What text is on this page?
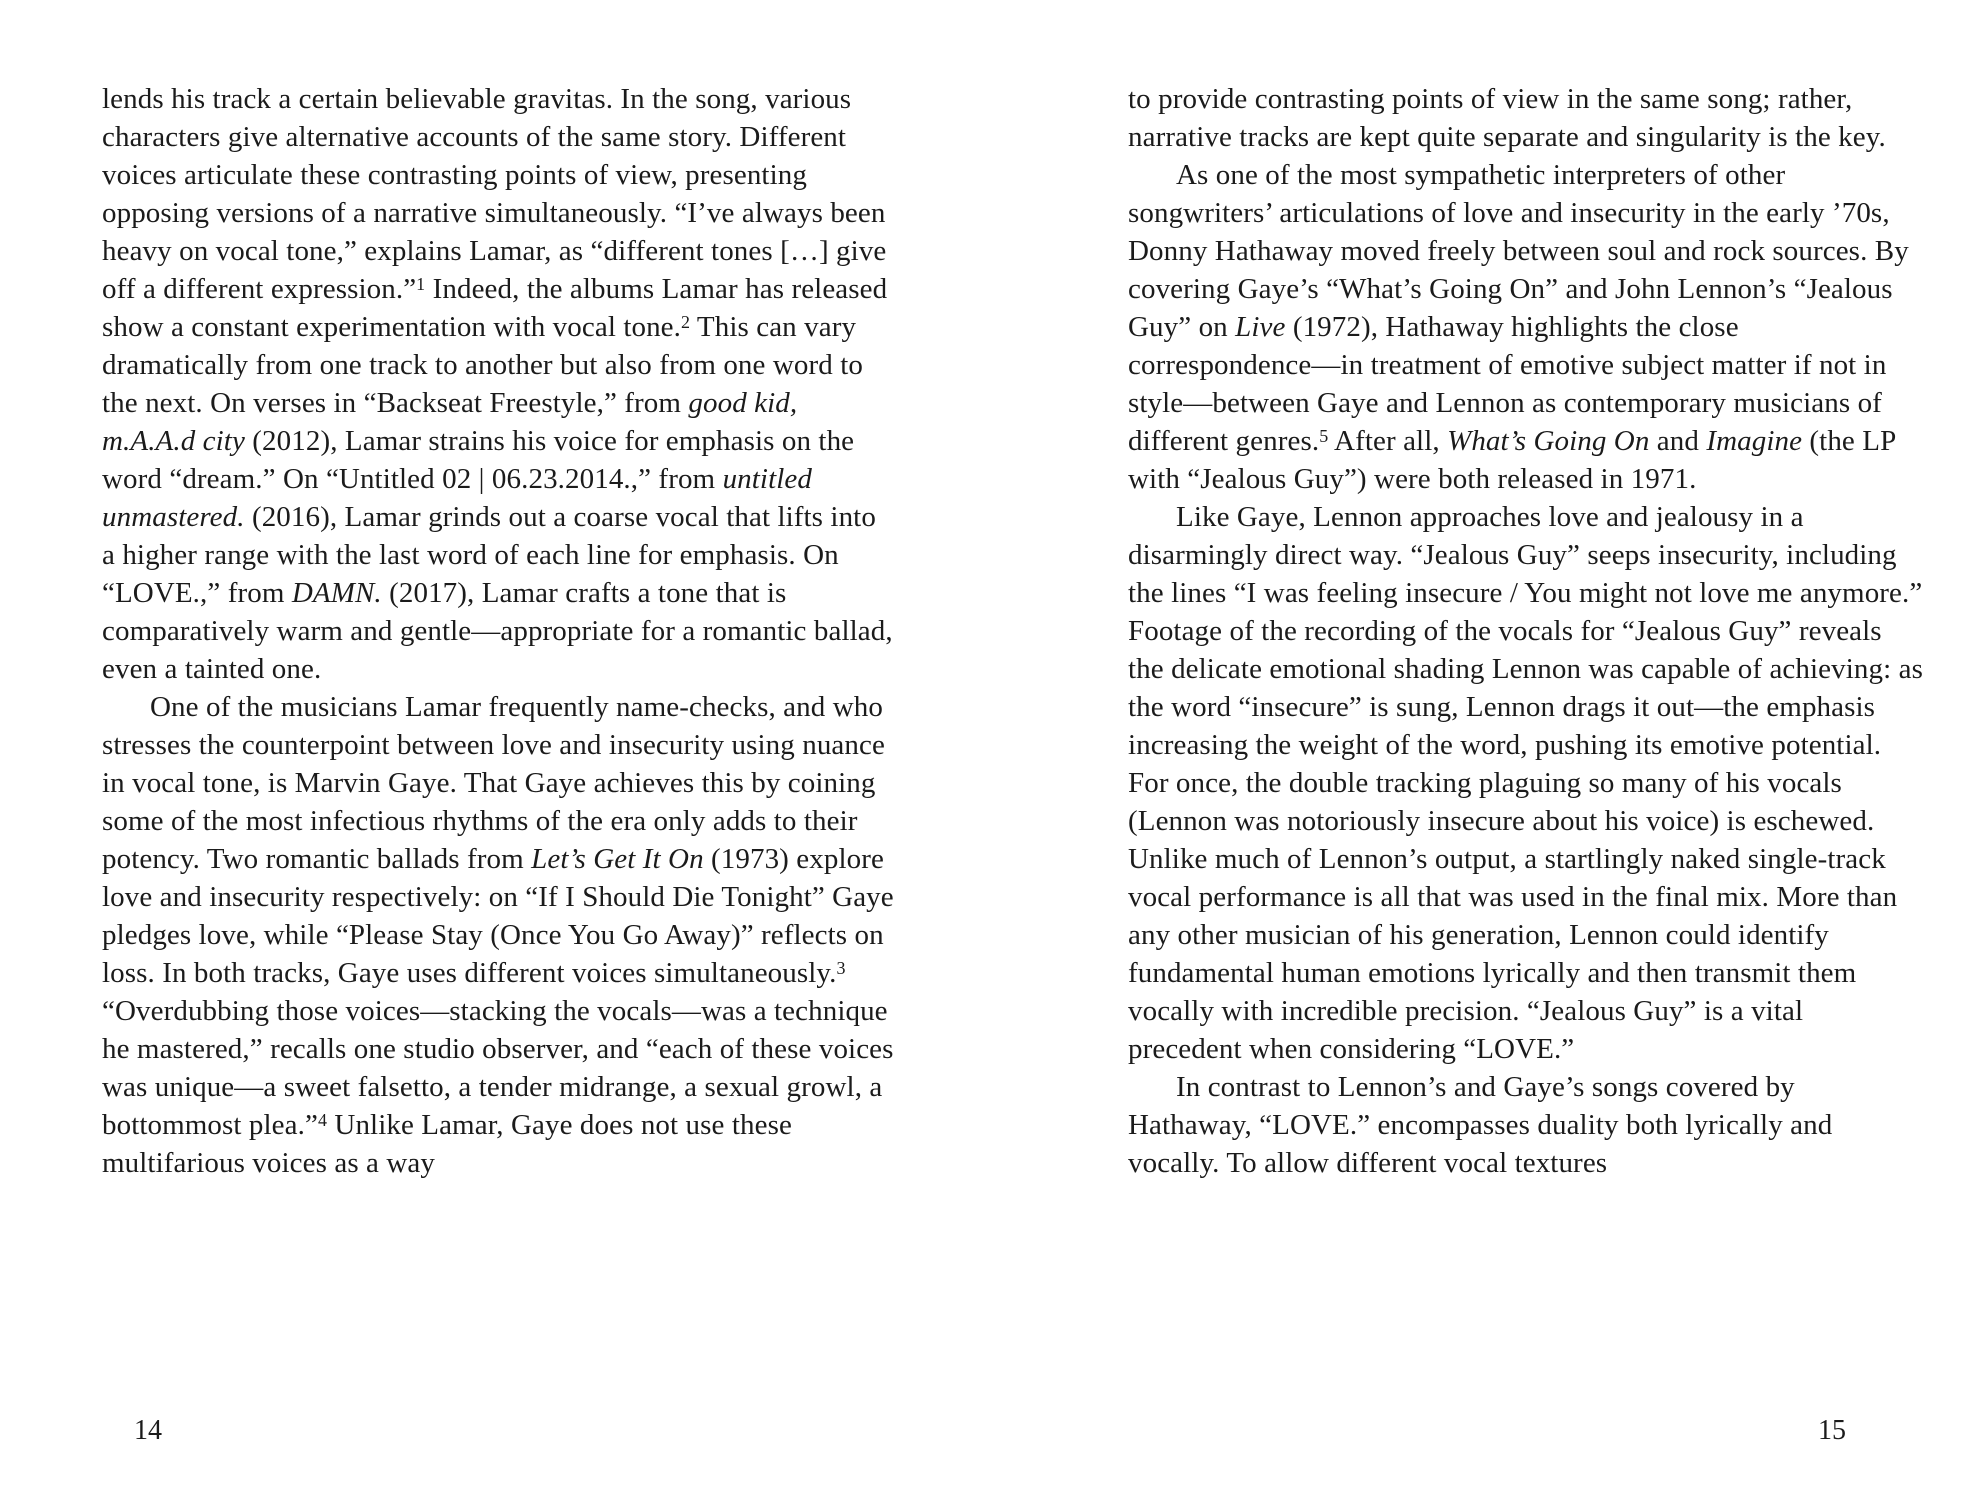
lends his track a certain believable gravitas. In the song, various characters give alternative accounts of the same story. Different voices articulate these contrasting points of view, presenting opposing versions of a narrative simultaneously. “I’ve always been heavy on vocal tone,” explains Lamar, as “different tones […] give off a different expression.”$^1$ Indeed, the albums Lamar has released show a constant experimentation with vocal tone.$^2$ This can vary dramatically from one track to another but also from one word to the next. On verses in “Backseat Freestyle,” from good kid, m.A.A.d city (2012), Lamar strains his voice for emphasis on the word “dream.” On “Untitled 02 | 06.23.2014.,” from untitled unmastered. (2016), Lamar grinds out a coarse vocal that lifts into a higher range with the last word of each line for emphasis. On “LOVE.,” from DAMN. (2017), Lamar crafts a tone that is comparatively warm and gentle—appropriate for a romantic ballad, even a tainted one.

One of the musicians Lamar frequently name-checks, and who stresses the counterpoint between love and insecurity using nuance in vocal tone, is Marvin Gaye. That Gaye achieves this by coining some of the most infectious rhythms of the era only adds to their potency. Two romantic ballads from Let’s Get It On (1973) explore love and insecurity respectively: on “If I Should Die Tonight” Gaye pledges love, while “Please Stay (Once You Go Away)” reflects on loss. In both tracks, Gaye uses different voices simultaneously.$^3$ “Overdubbing those voices—stacking the vocals—was a technique he mastered,” recalls one studio observer, and “each of these voices was unique—a sweet falsetto, a tender midrange, a sexual growl, a bottommost plea.”$^4$ Unlike Lamar, Gaye does not use these multifarious voices as a way

to provide contrasting points of view in the same song; rather, narrative tracks are kept quite separate and singularity is the key.

As one of the most sympathetic interpreters of other songwriters’ articulations of love and insecurity in the early ’70s, Donny Hathaway moved freely between soul and rock sources. By covering Gaye’s “What’s Going On” and John Lennon’s “Jealous Guy” on Live (1972), Hathaway highlights the close correspondence—in treatment of emotive subject matter if not in style—between Gaye and Lennon as contemporary musicians of different genres.$^5$ After all, What’s Going On and Imagine (the LP with “Jealous Guy”) were both released in 1971.

Like Gaye, Lennon approaches love and jealousy in a disarmingly direct way. “Jealous Guy” seeps insecurity, including the lines “I was feeling insecure / You might not love me anymore.” Footage of the recording of the vocals for “Jealous Guy” reveals the delicate emotional shading Lennon was capable of achieving: as the word “insecure” is sung, Lennon drags it out—the emphasis increasing the weight of the word, pushing its emotive potential. For once, the double tracking plaguing so many of his vocals (Lennon was notoriously insecure about his voice) is eschewed. Unlike much of Lennon’s output, a startlingly naked single-track vocal performance is all that was used in the final mix. More than any other musician of his generation, Lennon could identify fundamental human emotions lyrically and then transmit them vocally with incredible precision. “Jealous Guy” is a vital precedent when considering “LOVE.”

In contrast to Lennon’s and Gaye’s songs covered by Hathaway, “LOVE.” encompasses duality both lyrically and vocally. To allow different vocal textures

14	15
